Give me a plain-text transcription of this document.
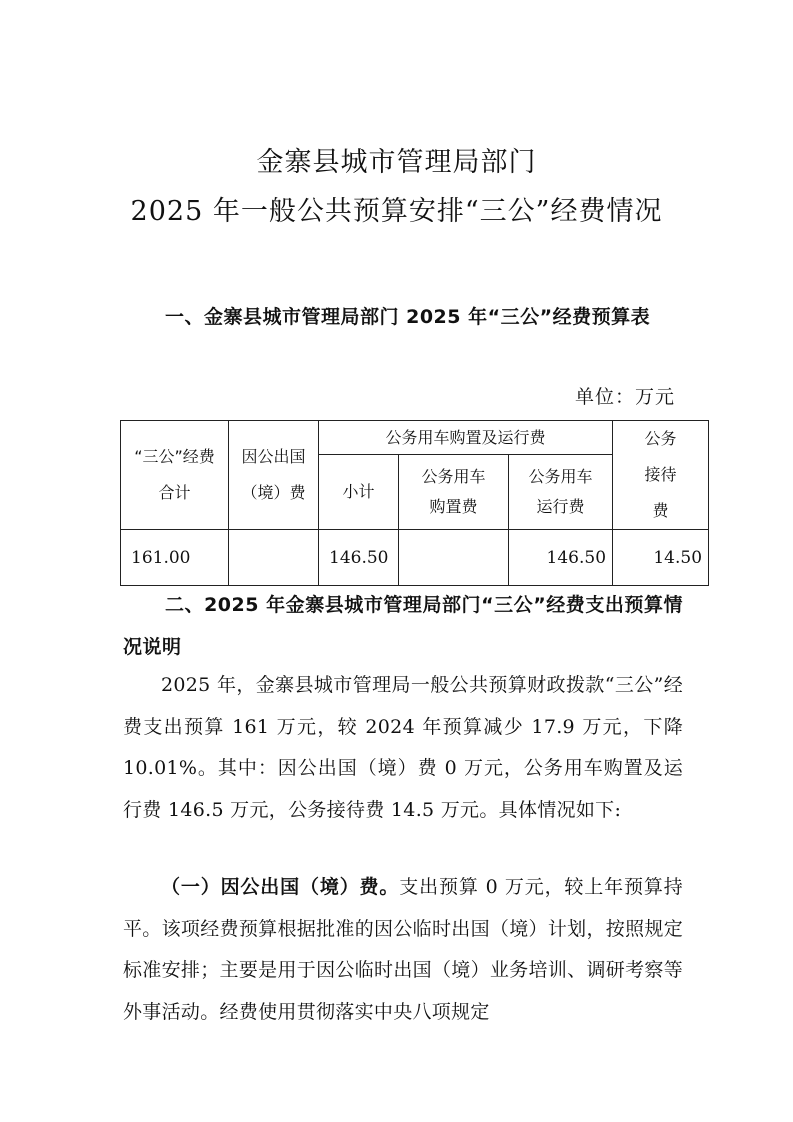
金寨县城市管理局部门
2025 年一般公共预算安排“三公”经费情况
一、金寨县城市管理局部门 2025 年“三公”经费预算表
单位：万元
“三公”经费合计	因公出国（境）费	公务用车购置及运行费			公务接待费
		小计	公务用车购置费	公务用车运行费	
161.00		146.50		146.50	14.50
二、2025 年金寨县城市管理局部门“三公”经费支出预算情况说明
2025 年，金寨县城市管理局一般公共预算财政拨款“三公”经费支出预算 161 万元，较 2024 年预算减少 17.9 万元，下降 10.01%。其中：因公出国（境）费 0 万元，公务用车购置及运行费 146.5 万元，公务接待费 14.5 万元。具体情况如下:
（一）因公出国（境）费。支出预算 0 万元，较上年预算持平。该项经费预算根据批准的因公临时出国（境）计划，按照规定标准安排；主要是用于因公临时出国（境）业务培训、调研考察等外事活动。经费使用贯彻落实中央八项规定
